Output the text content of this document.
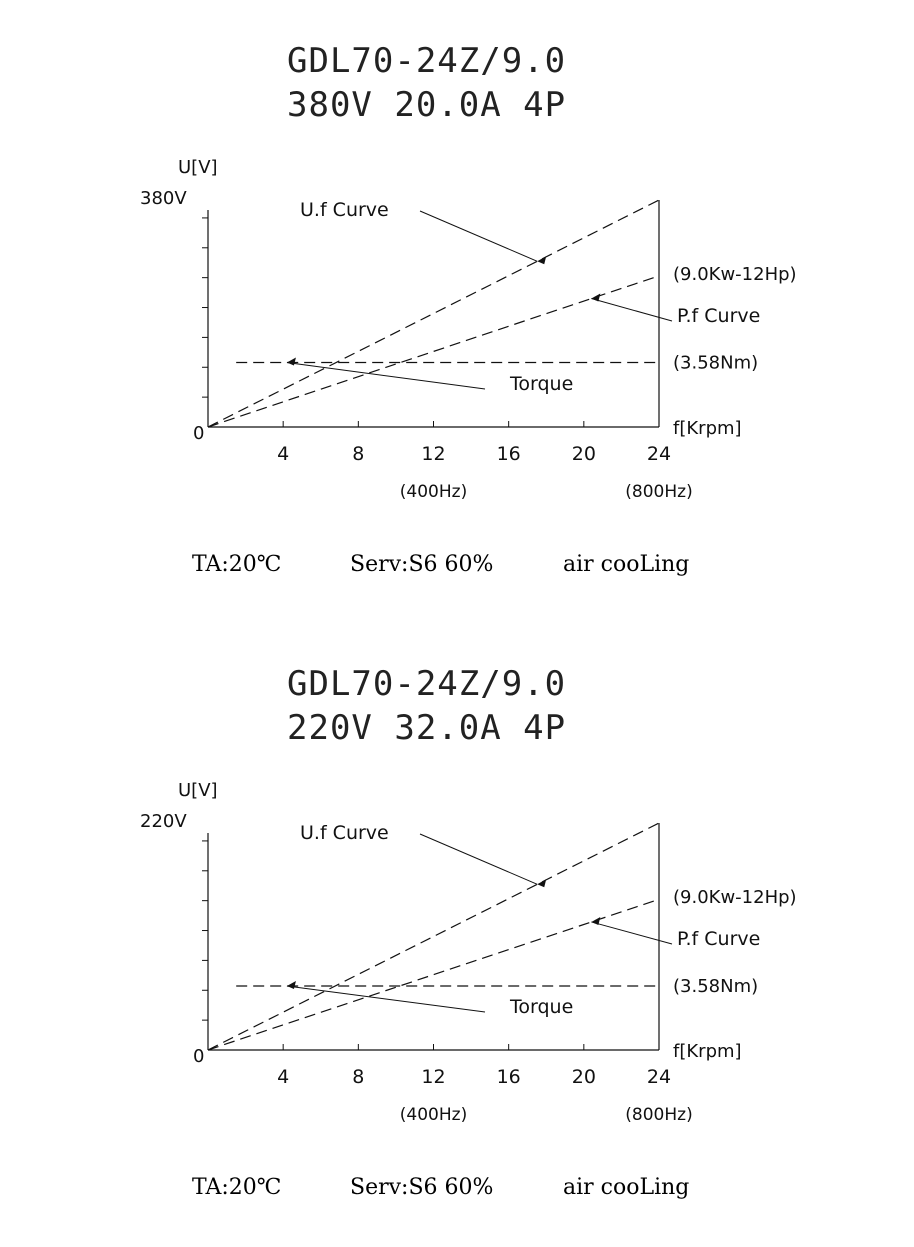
GDL70-24Z/9.0
380V 20.0A 4P
U[V]
380V
0
4	8	12	16	20	24
f[Krpm]
(400Hz)	(800Hz)
U.f Curve
P.f Curve
(9.0Kw-12Hp)
Torque
(3.58Nm)
TA:20℃	Serv:S6 60%	air cooLing
GDL70-24Z/9.0
220V 32.0A 4P
U[V]
220V
0
4	8	12	16	20	24
f[Krpm]
(400Hz)	(800Hz)
U.f Curve
P.f Curve
(9.0Kw-12Hp)
Torque
(3.58Nm)
TA:20℃	Serv:S6 60%	air cooLing
